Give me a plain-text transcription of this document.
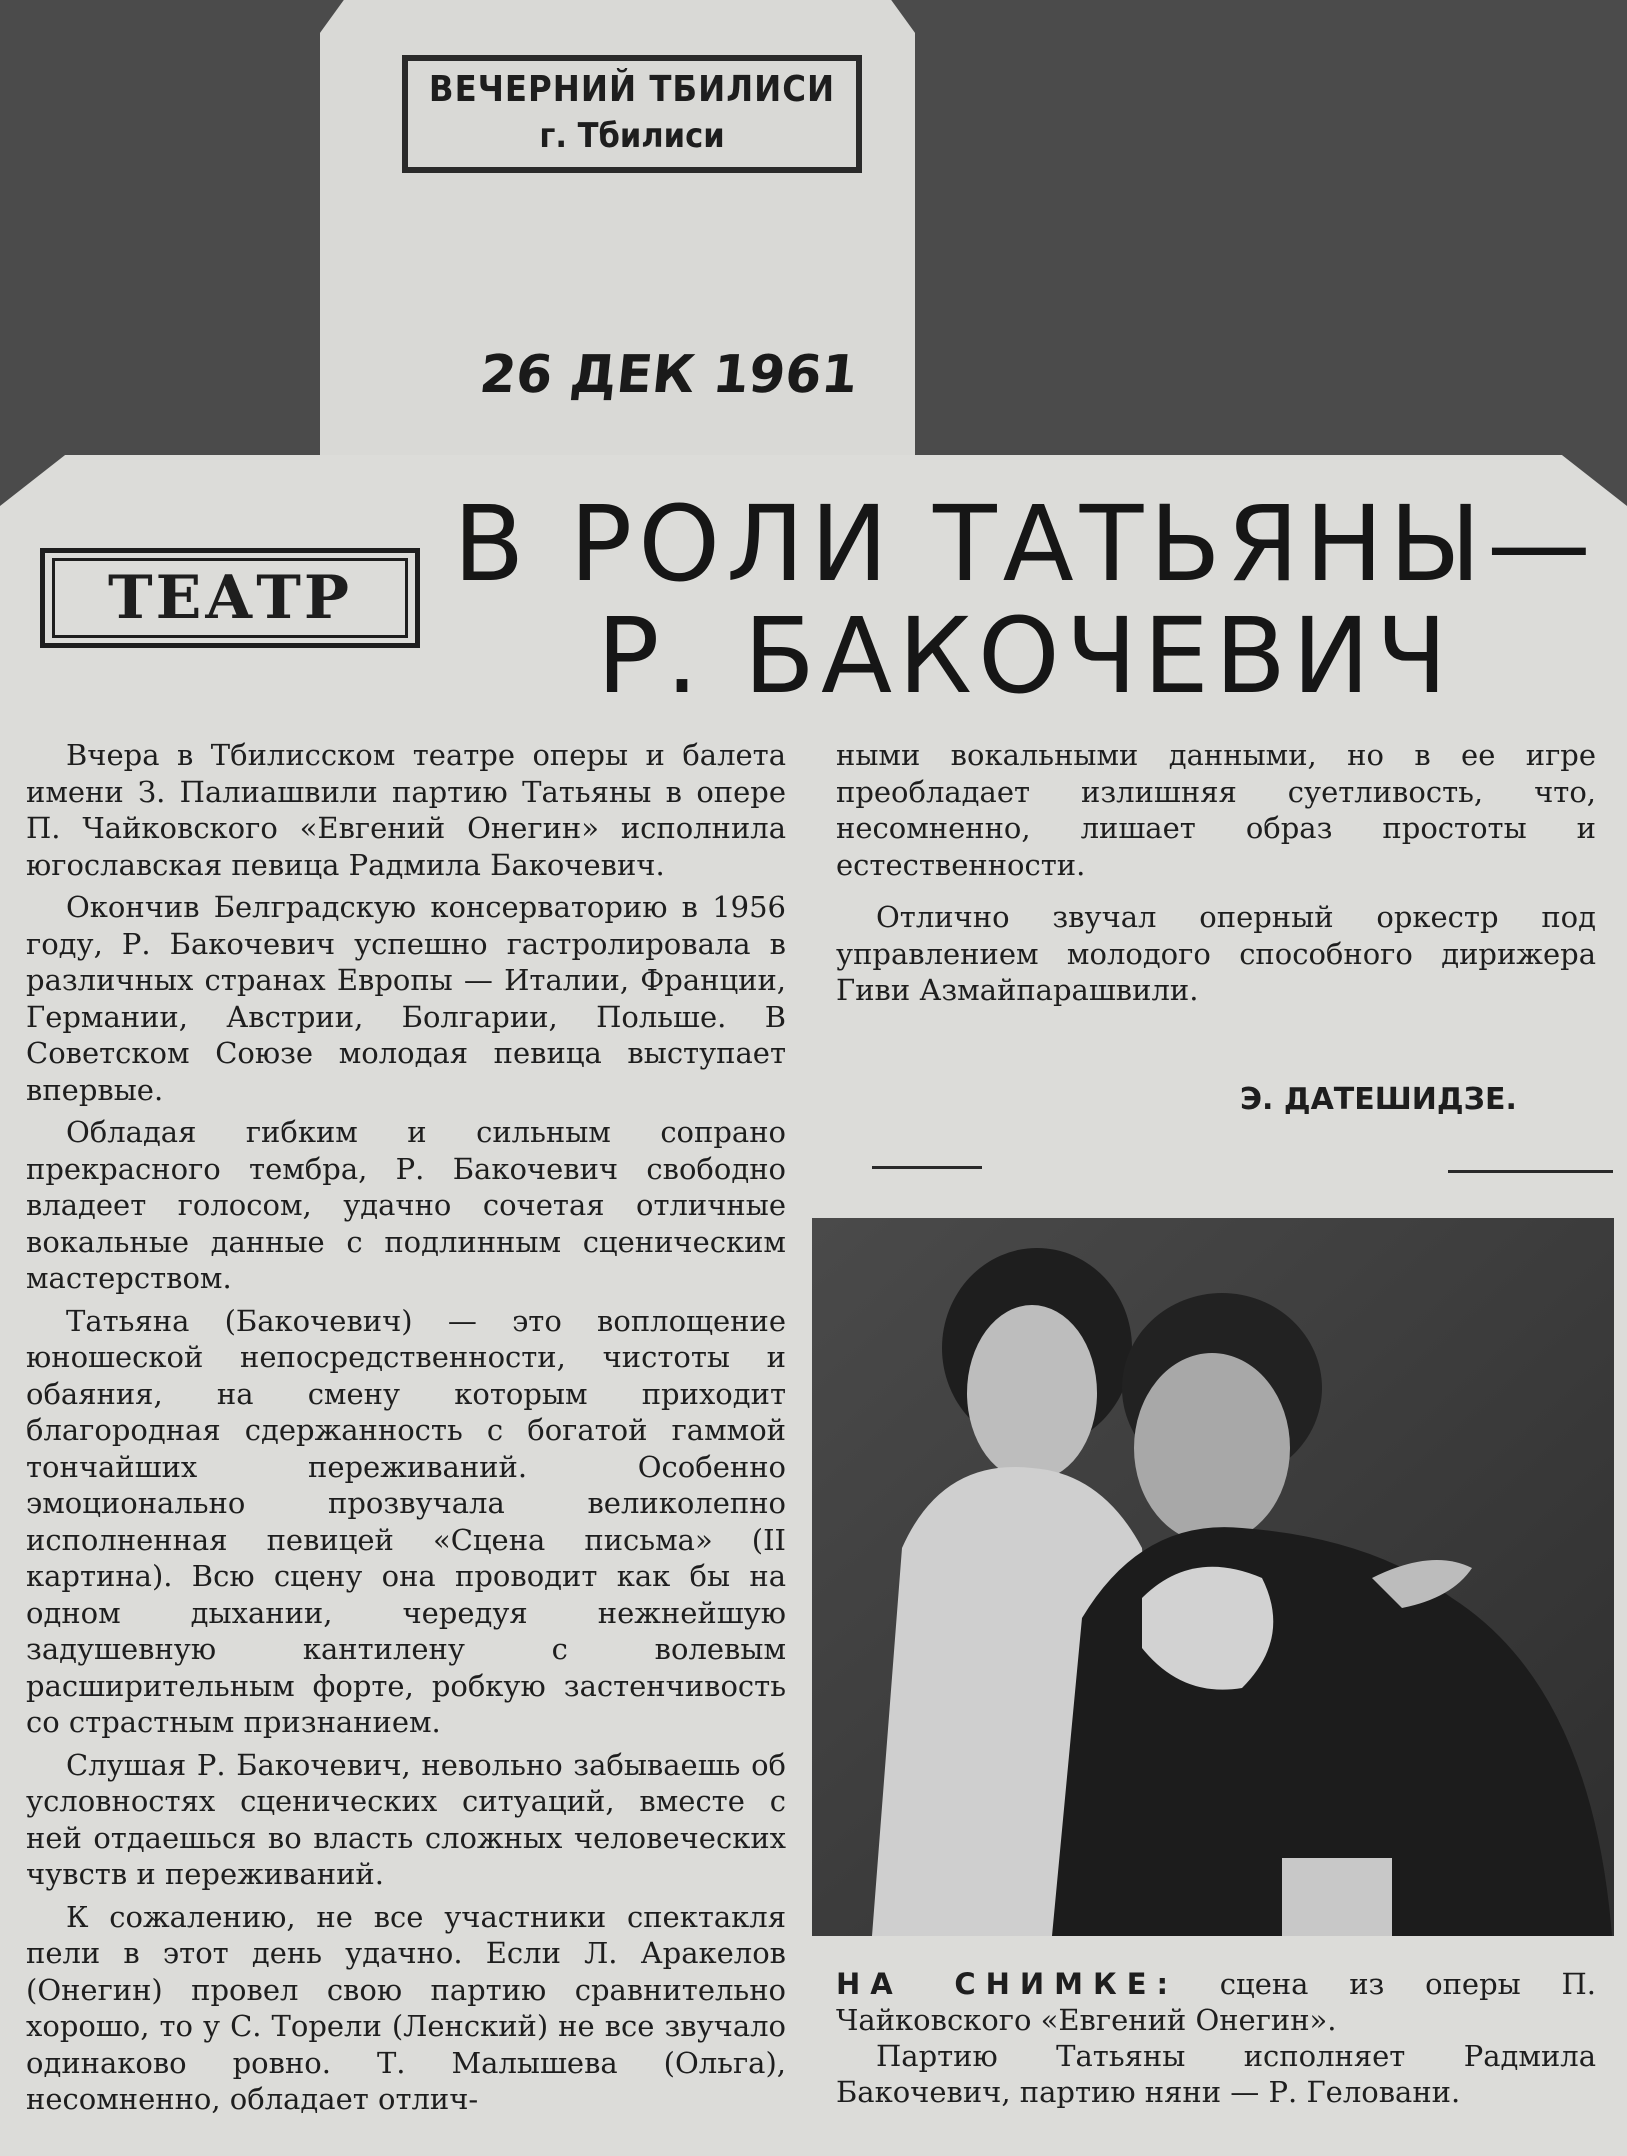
ВЕЧЕРНИЙ ТБИЛИСИ
г. Тбилиси
26 ДЕК 1961
ТЕАТР В РОЛИ ТАТЬЯНЫ—
Р. БАКОЧЕВИЧ

Вчера в Тбилисском театре оперы и балета имени З. Палиашвили партию Татьяны в опере П. Чайковского «Евгений Онегин» исполнила югославская певица Радмила Бакочевич.

Окончив Белградскую консерваторию в 1956 году, Р. Бакочевич успешно гастролировала в различных странах Европы — Италии, Франции, Германии, Австрии, Болгарии, Польше. В Советском Союзе молодая певица выступает впервые.

Обладая гибким и сильным сопрано прекрасного тембра, Р. Бакочевич свободно владеет голосом, удачно сочетая отличные вокальные данные с подлинным сценическим мастерством.

Татьяна (Бакочевич) — это воплощение юношеской непосредственности, чистоты и обаяния, на смену которым приходит благородная сдержанность с богатой гаммой тончайших переживаний. Особенно эмоционально прозвучала великолепно исполненная певицей «Сцена письма» (II картина). Всю сцену она проводит как бы на одном дыхании, чередуя нежнейшую задушевную кантилену с волевым расширительным форте, робкую застенчивость со страстным признанием.

Слушая Р. Бакочевич, невольно забываешь об условностях сценических ситуаций, вместе с ней отдаешься во власть сложных человеческих чувств и переживаний.

К сожалению, не все участники спектакля пели в этот день удачно. Если Л. Аракелов (Онегин) провел свою партию сравнительно хорошо, то у С. Торели (Ленский) не все звучало одинаково ровно. Т. Малышева (Ольга), несомненно, обладает отлич-

ными вокальными данными, но в ее игре преобладает излишняя суетливость, что, несомненно, лишает образ простоты и естественности.

Отлично звучал оперный оркестр под управлением молодого способного дирижера Гиви Азмайпарашвили.

Э. ДАТЕШИДЗЕ.

НА СНИМКЕ: сцена из оперы П. Чайковского «Евгений Онегин».

Партию Татьяны исполняет Радмила Бакочевич, партию няни — Р. Геловани.
